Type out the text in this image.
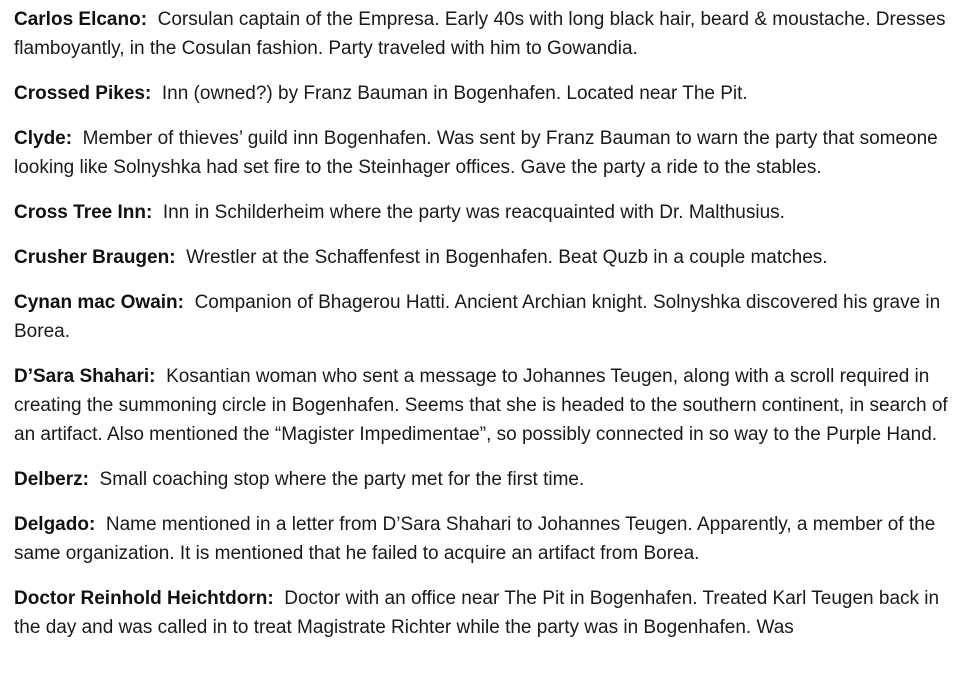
Carlos Elcano: Corsulan captain of the Empresa. Early 40s with long black hair, beard & moustache. Dresses flamboyantly, in the Cosulan fashion. Party traveled with him to Gowandia.

Crossed Pikes: Inn (owned?) by Franz Bauman in Bogenhafen. Located near The Pit.

Clyde: Member of thieves’ guild inn Bogenhafen. Was sent by Franz Bauman to warn the party that someone looking like Solnyshka had set fire to the Steinhager offices. Gave the party a ride to the stables.

Cross Tree Inn: Inn in Schilderheim where the party was reacquainted with Dr. Malthusius.

Crusher Braugen: Wrestler at the Schaffenfest in Bogenhafen. Beat Quzb in a couple matches.

Cynan mac Owain: Companion of Bhagerou Hatti. Ancient Archian knight. Solnyshka discovered his grave in Borea.

D’Sara Shahari: Kosantian woman who sent a message to Johannes Teugen, along with a scroll required in creating the summoning circle in Bogenhafen. Seems that she is headed to the southern continent, in search of an artifact. Also mentioned the “Magister Impedimentae”, so possibly connected in so way to the Purple Hand.

Delberz: Small coaching stop where the party met for the first time.

Delgado: Name mentioned in a letter from D’Sara Shahari to Johannes Teugen. Apparently, a member of the same organization. It is mentioned that he failed to acquire an artifact from Borea.

Doctor Reinhold Heichtdorn: Doctor with an office near The Pit in Bogenhafen. Treated Karl Teugen back in the day and was called in to treat Magistrate Richter while the party was in Bogenhafen. Was
